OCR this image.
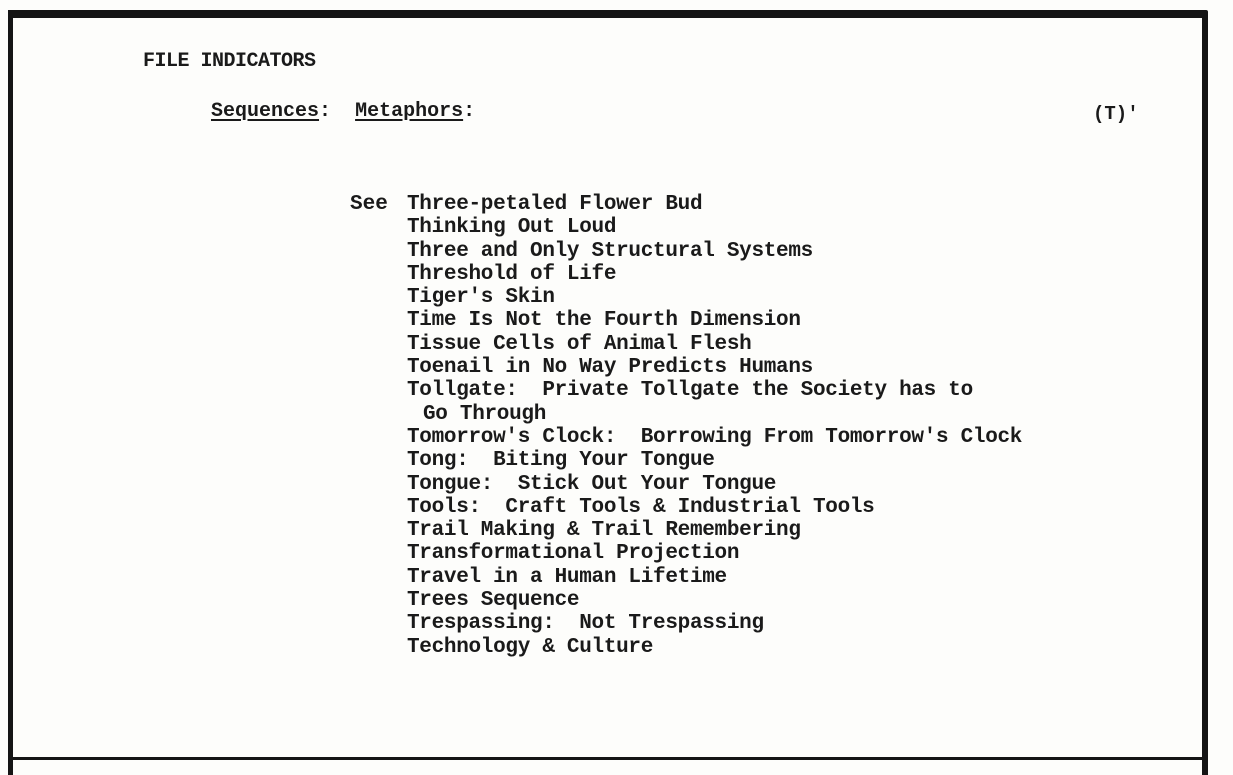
FILE INDICATORS
Sequences: Metaphors:	(T)'
See Three-petaled Flower Bud
Thinking Out Loud
Three and Only Structural Systems
Threshold of Life
Tiger's Skin
Time Is Not the Fourth Dimension
Tissue Cells of Animal Flesh
Toenail in No Way Predicts Humans
Tollgate:  Private Tollgate the Society has to
Go Through
Tomorrow's Clock:  Borrowing From Tomorrow's Clock
Tong:  Biting Your Tongue
Tongue:  Stick Out Your Tongue
Tools:  Craft Tools & Industrial Tools
Trail Making & Trail Remembering
Transformational Projection
Travel in a Human Lifetime
Trees Sequence
Trespassing:  Not Trespassing
Technology & Culture
